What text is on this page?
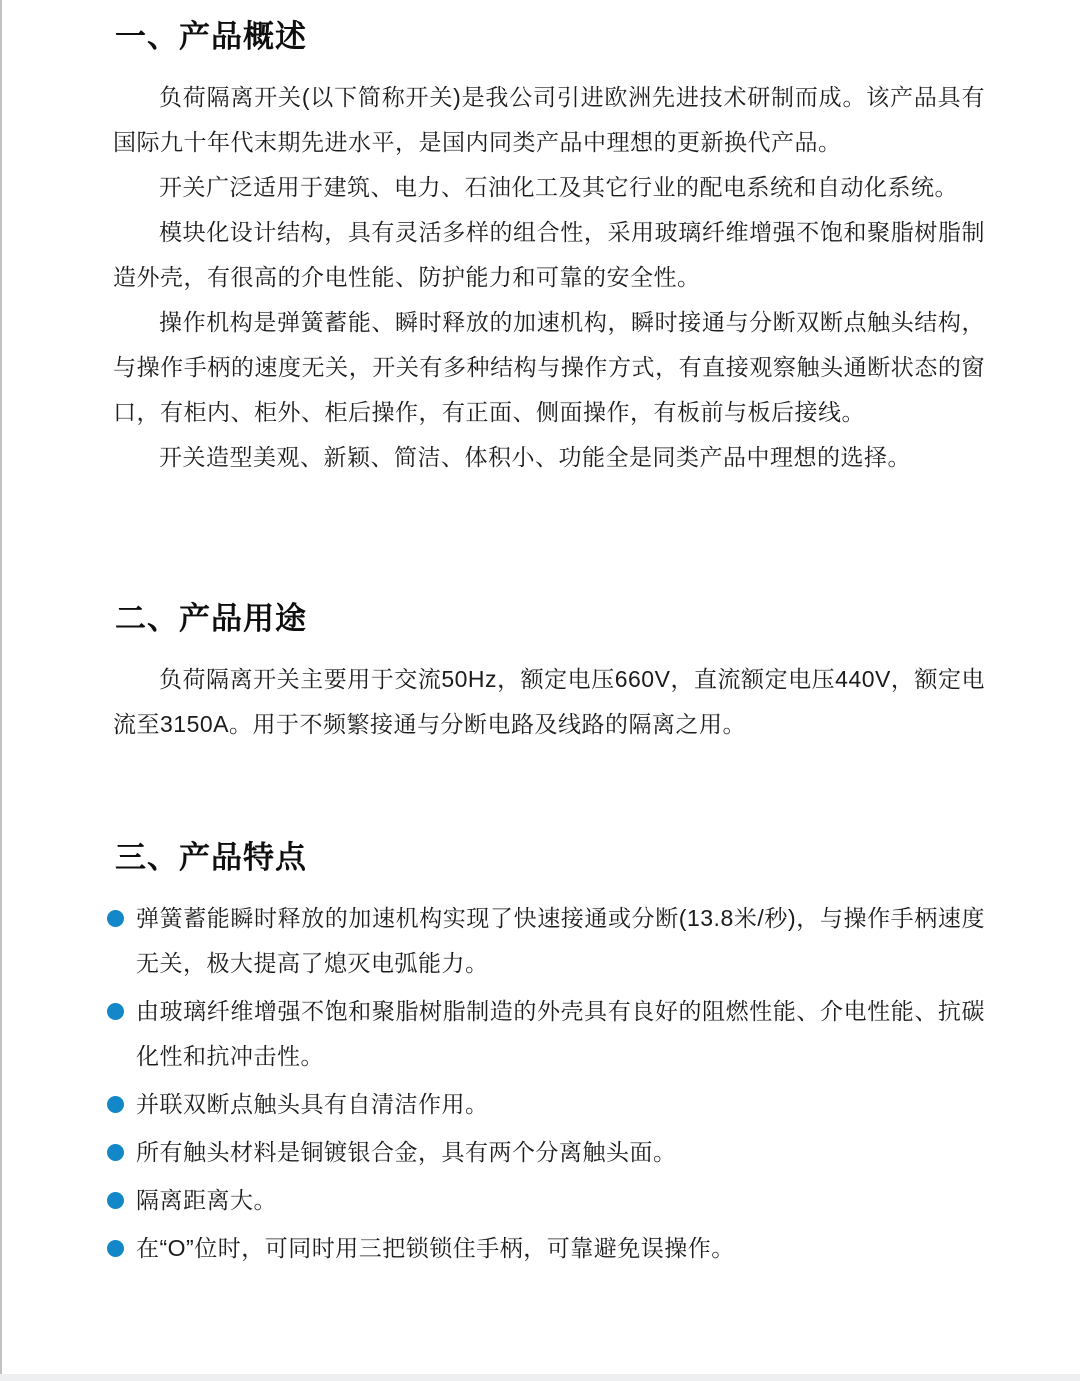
一、产品概述

负荷隔离开关(以下简称开关)是我公司引进欧洲先进技术研制而成。该产品具有国际九十年代末期先进水平，是国内同类产品中理想的更新换代产品。

开关广泛适用于建筑、电力、石油化工及其它行业的配电系统和自动化系统。

模块化设计结构，具有灵活多样的组合性，采用玻璃纤维增强不饱和聚脂树脂制造外壳，有很高的介电性能、防护能力和可靠的安全性。

操作机构是弹簧蓄能、瞬时释放的加速机构，瞬时接通与分断双断点触头结构，与操作手柄的速度无关，开关有多种结构与操作方式，有直接观察触头通断状态的窗口，有柜内、柜外、柜后操作，有正面、侧面操作，有板前与板后接线。

开关造型美观、新颖、简洁、体积小、功能全是同类产品中理想的选择。

二、产品用途

负荷隔离开关主要用于交流50Hz，额定电压660V，直流额定电压440V，额定电流至3150A。用于不频繁接通与分断电路及线路的隔离之用。

三、产品特点
弹簧蓄能瞬时释放的加速机构实现了快速接通或分断(13.8米/秒)，与操作手柄速度无关，极大提高了熄灭电弧能力。
由玻璃纤维增强不饱和聚脂树脂制造的外壳具有良好的阻燃性能、介电性能、抗碳化性和抗冲击性。
并联双断点触头具有自清洁作用。
所有触头材料是铜镀银合金，具有两个分离触头面。
隔离距离大。
在“O”位时，可同时用三把锁锁住手柄，可靠避免误操作。
